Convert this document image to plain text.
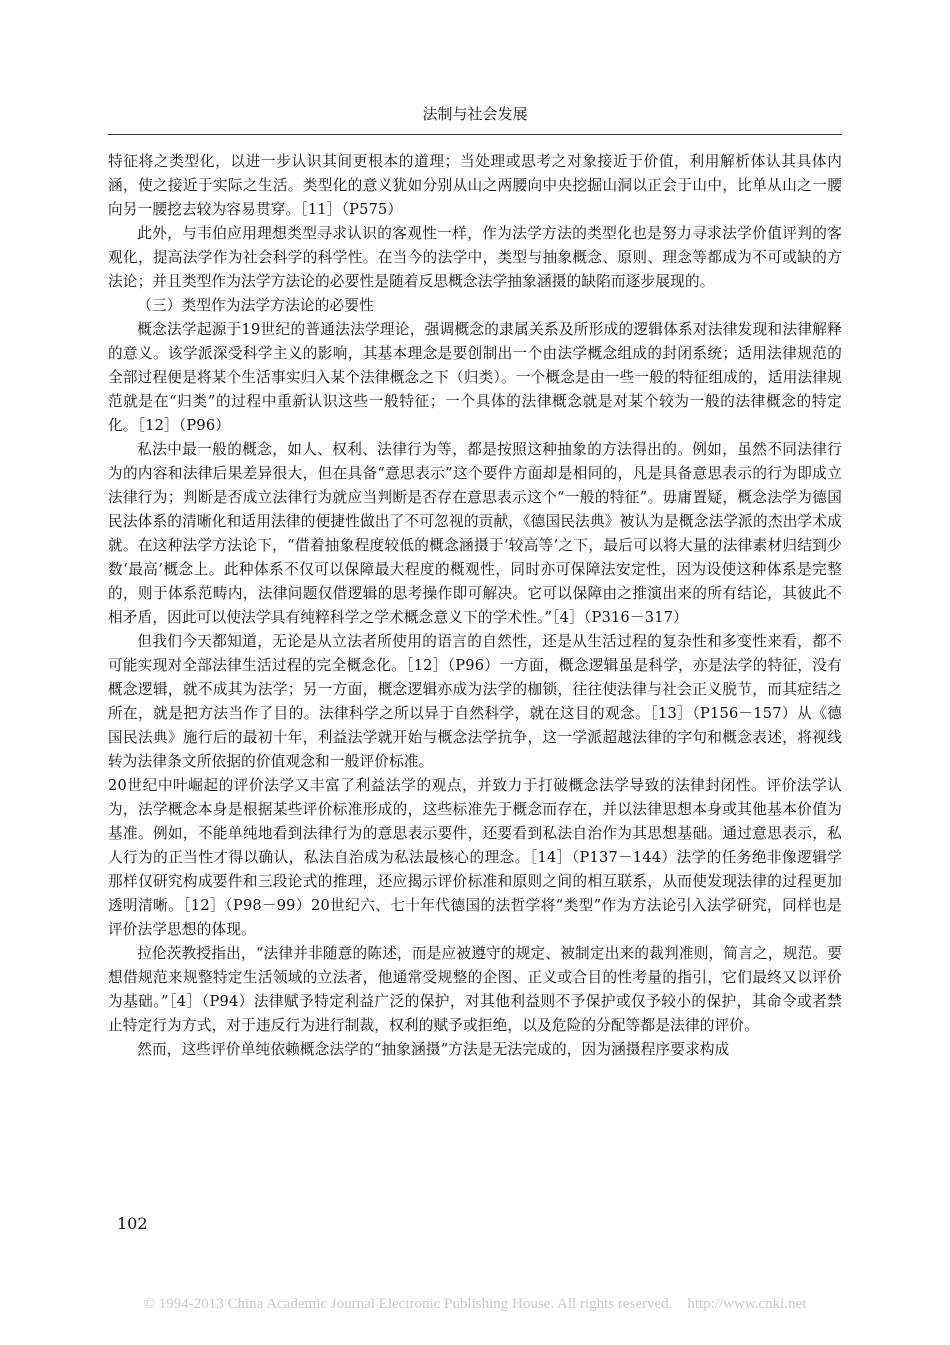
法制与社会发展

特征将之类型化，以进一步认识其间更根本的道理；当处理或思考之对象接近于价值，利用解析体认其具体内涵，使之接近于实际之生活。类型化的意义犹如分别从山之两腰向中央挖掘山洞以正会于山中，比单从山之一腰向另一腰挖去较为容易贯穿。［11］（P575）

此外，与韦伯应用理想类型寻求认识的客观性一样，作为法学方法的类型化也是努力寻求法学价值评判的客观化，提高法学作为社会科学的科学性。在当今的法学中，类型与抽象概念、原则、理念等都成为不可或缺的方法论；并且类型作为法学方法论的必要性是随着反思概念法学抽象涵摄的缺陷而逐步展现的。

（三）类型作为法学方法论的必要性

概念法学起源于19世纪的普通法法学理论，强调概念的隶属关系及所形成的逻辑体系对法律发现和法律解释的意义。该学派深受科学主义的影响，其基本理念是要创制出一个由法学概念组成的封闭系统；适用法律规范的全部过程便是将某个生活事实归入某个法律概念之下（归类）。一个概念是由一些一般的特征组成的，适用法律规范就是在“归类”的过程中重新认识这些一般特征；一个具体的法律概念就是对某个较为一般的法律概念的特定化。［12］（P96）

私法中最一般的概念，如人、权利、法律行为等，都是按照这种抽象的方法得出的。例如，虽然不同法律行为的内容和法律后果差异很大，但在具备“意思表示”这个要件方面却是相同的，凡是具备意思表示的行为即成立法律行为；判断是否成立法律行为就应当判断是否存在意思表示这个“一般的特征”。毋庸置疑，概念法学为德国民法体系的清晰化和适用法律的便捷性做出了不可忽视的贡献，《德国民法典》被认为是概念法学派的杰出学术成就。在这种法学方法论下，“借着抽象程度较低的概念涵摄于‘较高等’之下，最后可以将大量的法律素材归结到少数‘最高’概念上。此种体系不仅可以保障最大程度的概观性，同时亦可保障法安定性，因为设使这种体系是完整的，则于体系范畴内，法律问题仅借逻辑的思考操作即可解决。它可以保障由之推演出来的所有结论，其彼此不相矛盾，因此可以使法学具有纯粹科学之学术概念意义下的学术性。”［4］（P316－317）

但我们今天都知道，无论是从立法者所使用的语言的自然性，还是从生活过程的复杂性和多变性来看，都不可能实现对全部法律生活过程的完全概念化。［12］（P96）一方面，概念逻辑虽是科学，亦是法学的特征，没有概念逻辑，就不成其为法学；另一方面，概念逻辑亦成为法学的枷锁，往往使法律与社会正义脱节，而其症结之所在，就是把方法当作了目的。法律科学之所以异于自然科学，就在这目的观念。［13］（P156－157）从《德国民法典》施行后的最初十年，利益法学就开始与概念法学抗争，这一学派超越法律的字句和概念表述，将视线转为法律条文所依据的价值观念和一般评价标准。

20世纪中叶崛起的评价法学又丰富了利益法学的观点，并致力于打破概念法学导致的法律封闭性。评价法学认为，法学概念本身是根据某些评价标准形成的，这些标准先于概念而存在，并以法律思想本身或其他基本价值为基准。例如，不能单纯地看到法律行为的意思表示要件，还要看到私法自治作为其思想基础。通过意思表示，私人行为的正当性才得以确认，私法自治成为私法最核心的理念。［14］（P137－144）法学的任务绝非像逻辑学那样仅研究构成要件和三段论式的推理，还应揭示评价标准和原则之间的相互联系，从而使发现法律的过程更加透明清晰。［12］（P98－99）20世纪六、七十年代德国的法哲学将“类型”作为方法论引入法学研究，同样也是评价法学思想的体现。

拉伦茨教授指出，“法律并非随意的陈述，而是应被遵守的规定、被制定出来的裁判准则，简言之，规范。要想借规范来规整特定生活领域的立法者，他通常受规整的企图、正义或合目的性考量的指引，它们最终又以评价为基础。”［4］（P94）法律赋予特定利益广泛的保护，对其他利益则不予保护或仅予较小的保护，其命令或者禁止特定行为方式，对于违反行为进行制裁，权利的赋予或拒绝，以及危险的分配等都是法律的评价。

然而，这些评价单纯依赖概念法学的“抽象涵摄”方法是无法完成的，因为涵摄程序要求构成

102
© 1994-2013 China Academic Journal Electronic Publishing House. All rights reserved. http://www.cnki.net
